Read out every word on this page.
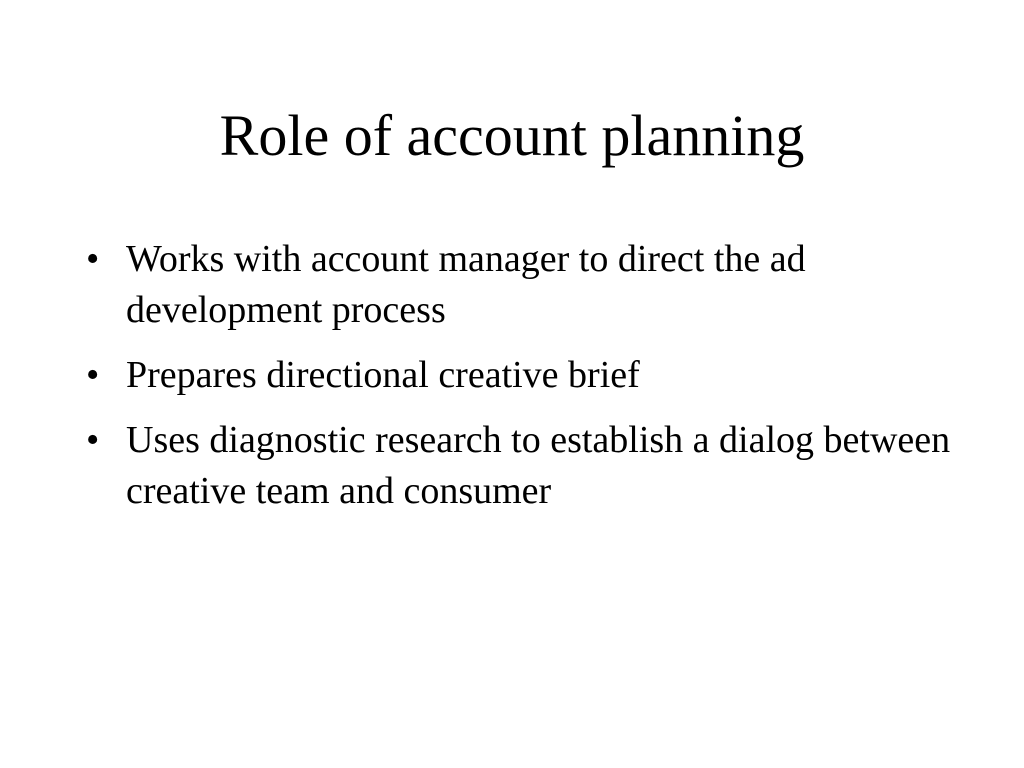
Role of account planning
• Works with account manager to direct the ad development process
• Prepares directional creative brief
• Uses diagnostic research to establish a dialog between creative team and consumer
